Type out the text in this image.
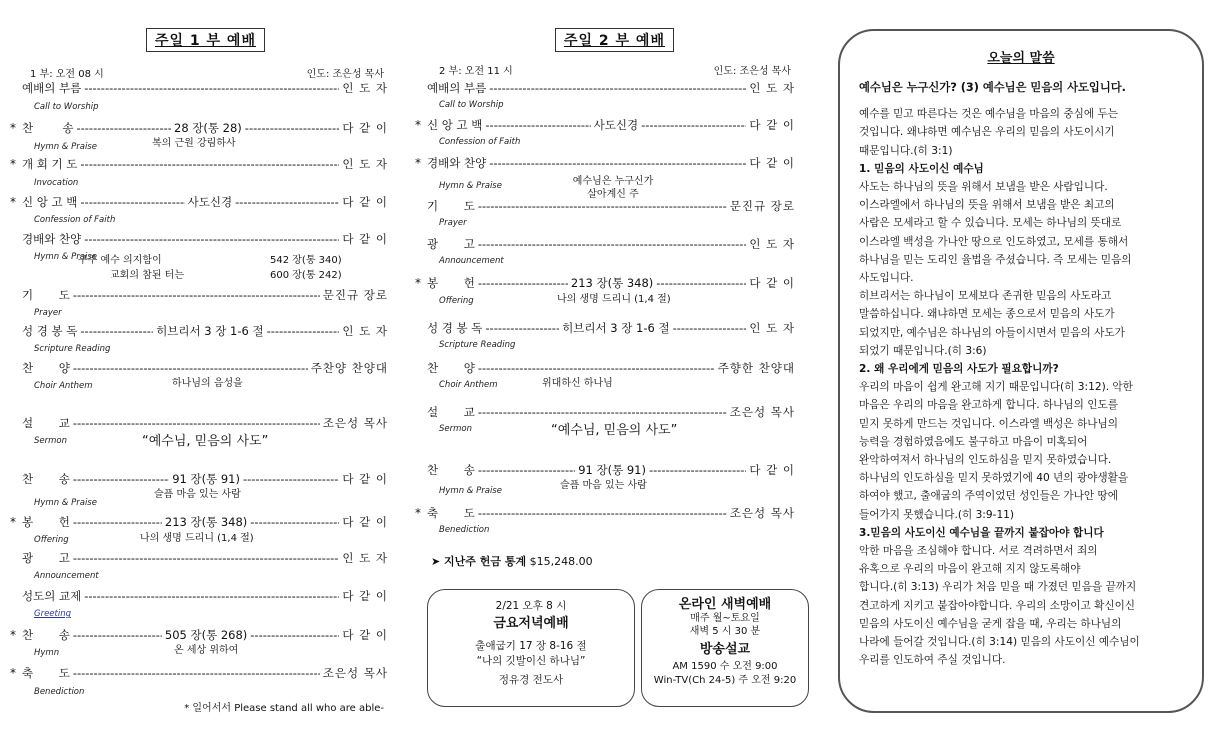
주일 1 부 예배
1 부: 오전 08 시	인도: 조은성 목사
예배의 부름 -----	인 도 자
Call to Worship
* 찬        송 -----	28 장(통 28) -----	다 같 이
Hymn & Praise	복의 근원 강림하사
* 개 회 기 도 -----	인 도 자
Invocation
* 신 앙 고 백 -----	사도신경 -----	다 같 이
Confession of Faith
경배와 찬양 -----	다 같 이
Hymn & Praise
기       도 -----	문진규 장로
Prayer
성 경 봉 독 -----	히브리서 3 장 1-6 절 -----	인 도 자
Scripture Reading
찬       양 -----	주찬양 찬양대
Choir Anthem	하나님의 음성을
설       교 -----	조은성 목사
Sermon	“예수님, 믿음의 사도”
찬       송 -----	91 장(통 91) -----	다 같 이
Hymn & Praise
슬픔 마음 있는 사람
* 봉       헌 -----	213 장(통 348) -----	다 같 이
Offering	나의 생명 드리니 (1,4 절)
광       고 -----	인 도 자
Announcement
성도의 교제 -----	다 같 이
Greeting
* 찬       송 -----	505 장(통 268) -----	다 같 이
Hymn	온 세상 위하여
* 축       도 -----	조은성 목사
Benediction
구주 예수 의지함이	542 장(통 340)
교회의 참된 터는	600 장(통 242)
* 일어서서 Please stand all who are able-
주일 2 부 예배
2 부: 오전 11 시	인도: 조은성 목사
예배의 부름 -----	인 도 자
Call to Worship
* 신 앙 고 백 -----	사도신경 -----	다 같 이
Confession of Faith
* 경배와 찬양 -----	다 같 이
Hymn & Praise
기       도 -----	문진규 장로
Prayer
광       고 -----	인 도 자
Announcement
* 봉       헌 -----	213 장(통 348) -----	다 같 이
Offering	나의 생명 드리니 (1,4 절)
성 경 봉 독 -----	히브리서 3 장 1-6 절 -----	인 도 자
Scripture Reading
찬       양 -----	주향한 찬양대
Choir Anthem	위대하신 하나님
설       교 -----	조은성 목사
Sermon	“예수님, 믿음의 사도”
찬       송 -----	91 장(통 91) -----	다 같 이
Hymn & Praise	슬픔 마음 있는 사람
* 축       도 -----	조은성 목사
Benediction
예수님은 누구신가
살아계신 주
➤ 지난주 헌금 통계 $15,248.00
2/21 오후 8 시
금요저녁예배
출애굽기 17 장 8-16 절
“나의 깃발이신 하나님”
정유경 전도사
온라인 새벽예배
매주 월~토요일
새벽 5 시 30 분
방송설교
AM 1590 수 오전 9:00
Win-TV(Ch 24-5) 주 오전 9:20
오늘의 말씀

예수님은 누구신가? (3) 예수님은 믿음의 사도입니다.

예수를 믿고 따른다는 것은 예수님을 마음의 중심에 두는

것입니다. 왜냐하면 예수님은 우리의 믿음의 사도이시기

때문입니다.(히 3:1)

1. 믿음의 사도이신 예수님

사도는 하나님의 뜻을 위해서 보냄을 받은 사람입니다.

이스라엘에서 하나님의 뜻을 위해서 보냄을 받은 최고의

사람은 모세라고 할 수 있습니다. 모세는 하나님의 뜻대로

이스라엘 백성을 가나안 땅으로 인도하였고, 모세를 통해서

하나님을 믿는 도리인 율법을 주셨습니다. 즉 모세는 믿음의

사도입니다.

히브리서는 하나님이 모세보다 존귀한 믿음의 사도라고

말씀하십니다. 왜냐하면 모세는 종으로서 믿음의 사도가

되었지만, 예수님은 하나님의 아들이시면서 믿음의 사도가

되었기 때문입니다.(히 3:6)

2. 왜 우리에게 믿음의 사도가 필요합니까?

우리의 마음이 쉽게 완고해 지기 때문입니다(히 3:12). 악한

마음은 우리의 마음을 완고하게 합니다. 하나님의 인도를

믿지 못하게 만드는 것입니다. 이스라엘 백성은 하나님의

능력을 경험하였음에도 불구하고 마음이 미혹되어

완악하여져서 하나님의 인도하심을 믿지 못하였습니다.

하나님의 인도하심을 믿지 못하였기에 40 년의 광야생활을

하여야 했고, 출애굽의 주역이었던 성인들은 가나안 땅에

들어가지 못했습니다.(히 3:9-11)

3.믿음의 사도이신 예수님을 끝까지 붙잡아야 합니다

악한 마음을 조심해야 합니다. 서로 격려하면서 죄의

유혹으로 우리의 마음이 완고해 지지 않도록해야

합니다.(히 3:13) 우리가 처음 믿을 때 가졌던 믿음을 끝까지

견고하게 지키고 붙잡아야합니다. 우리의 소망이고 확신이신

믿음의 사도이신 예수님을 굳게 잡을 때, 우리는 하나님의

나라에 들어갈 것입니다.(히 3:14) 믿음의 사도이신 예수님이

우리를 인도하여 주실 것입니다.
